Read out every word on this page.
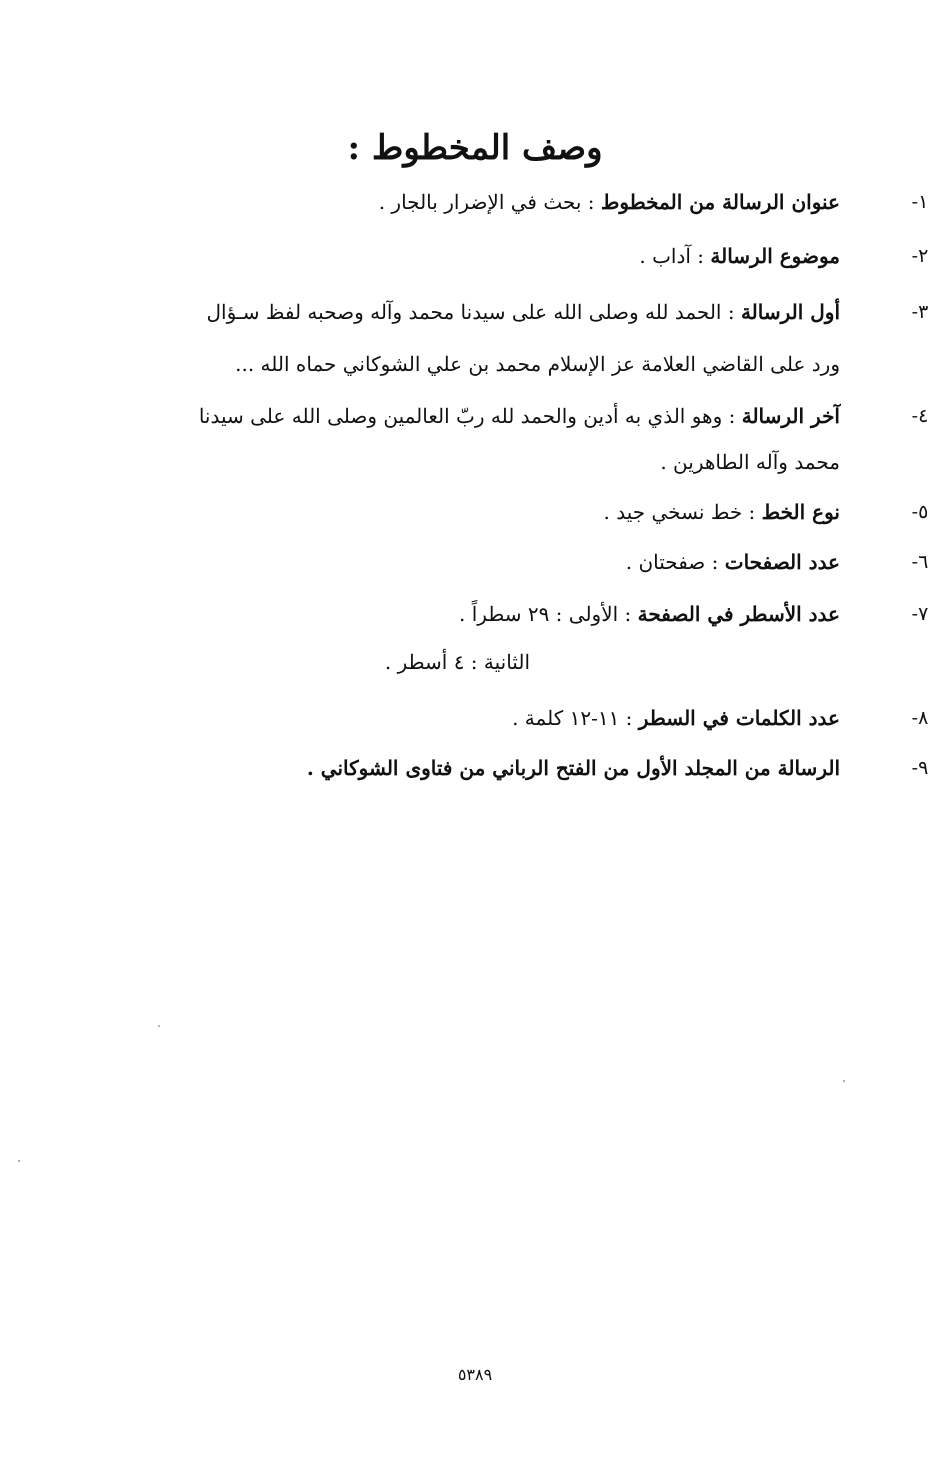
وصف المخطوط :
١-
عنوان الرسالة من المخطوط : بحث في الإضرار بالجار .
٢-
موضوع الرسالة : آداب .
٣-
أول الرسالة : الحمد لله وصلى الله على سيدنا محمد وآله وصحبه لفظ سـؤال
ورد على القاضي العلامة عز الإسلام محمد بن علي الشوكاني حماه الله ...
٤-
آخر الرسالة : وهو الذي به أدين والحمد لله ربّ العالمين وصلى الله على سيدنا
محمد وآله الطاهرين .
٥-
نوع الخط : خط نسخي جيد .
٦-
عدد الصفحات : صفحتان .
٧-
عدد الأسطر في الصفحة : الأولى : ٢٩ سطراً .
الثانية : ٤ أسطر .
٨-
عدد الكلمات في السطر : ١١-١٢ كلمة .
٩-
الرسالة من المجلد الأول من الفتح الرباني من فتاوى الشوكاني .
٥٣٨٩
